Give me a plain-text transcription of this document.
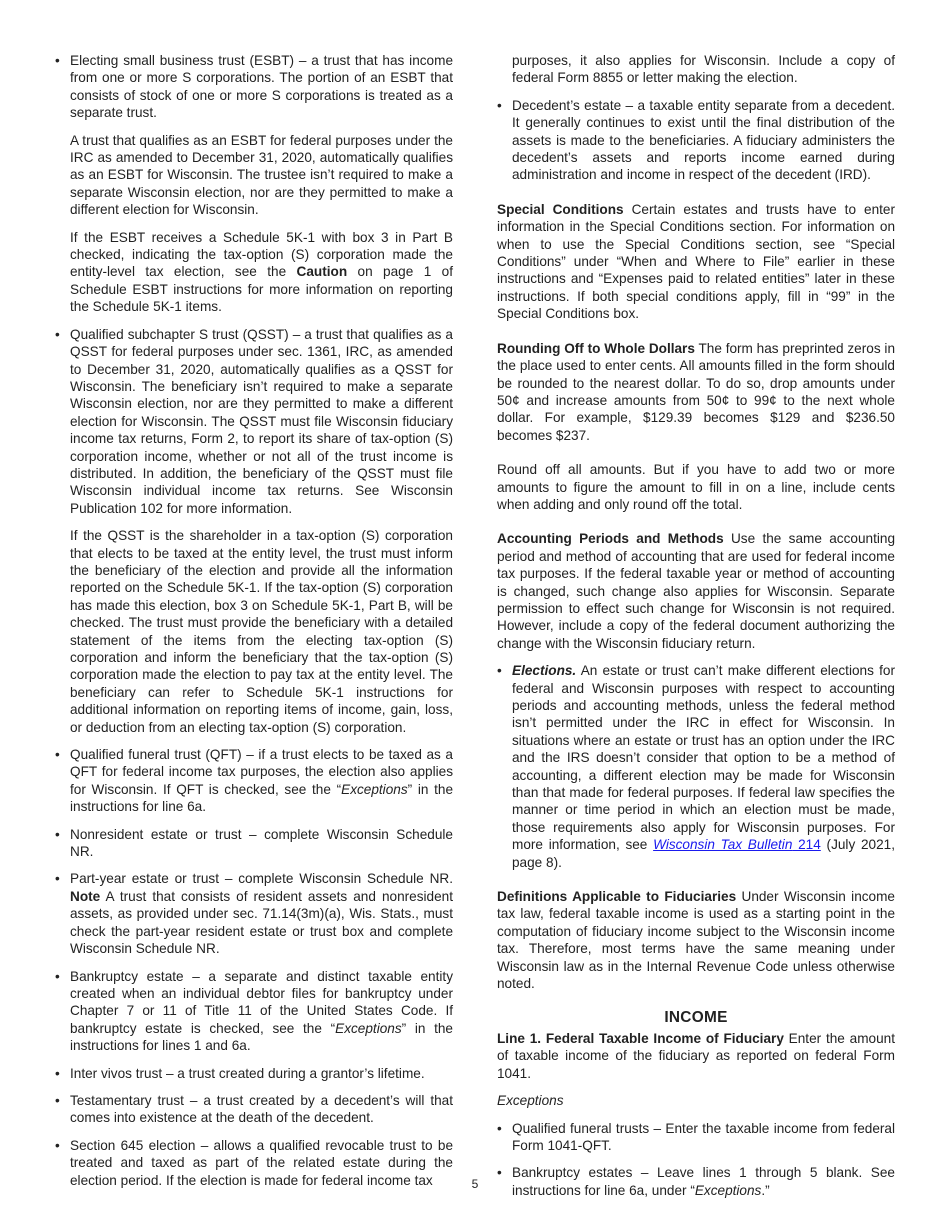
• Electing small business trust (ESBT) – a trust that has income from one or more S corporations. The portion of an ESBT that consists of stock of one or more S corporations is treated as a separate trust.

A trust that qualifies as an ESBT for federal purposes under the IRC as amended to December 31, 2020, automatically qualifies as an ESBT for Wisconsin. The trustee isn’t required to make a separate Wisconsin election, nor are they permitted to make a different election for Wisconsin.

If the ESBT receives a Schedule 5K-1 with box 3 in Part B checked, indicating the tax-option (S) corporation made the entity-level tax election, see the Caution on page 1 of Schedule ESBT instructions for more information on reporting the Schedule 5K-1 items.

• Qualified subchapter S trust (QSST) – a trust that qualifies as a QSST for federal purposes under sec. 1361, IRC, as amended to December 31, 2020, automatically qualifies as a QSST for Wisconsin. The beneficiary isn’t required to make a separate Wisconsin election, nor are they permitted to make a different election for Wisconsin. The QSST must file Wisconsin fiduciary income tax returns, Form 2, to report its share of tax-option (S) corporation income, whether or not all of the trust income is distributed. In addition, the beneficiary of the QSST must file Wisconsin individual income tax returns. See Wisconsin Publication 102 for more information.

If the QSST is the shareholder in a tax-option (S) corporation that elects to be taxed at the entity level, the trust must inform the beneficiary of the election and provide all the information reported on the Schedule 5K-1. If the tax-option (S) corporation has made this election, box 3 on Schedule 5K-1, Part B, will be checked. The trust must provide the beneficiary with a detailed statement of the items from the electing tax-option (S) corporation and inform the beneficiary that the tax-option (S) corporation made the election to pay tax at the entity level. The beneficiary can refer to Schedule 5K-1 instructions for additional information on reporting items of income, gain, loss, or deduction from an electing tax-option (S) corporation.

• Qualified funeral trust (QFT) – if a trust elects to be taxed as a QFT for federal income tax purposes, the election also applies for Wisconsin. If QFT is checked, see the “Exceptions” in the instructions for line 6a.

• Nonresident estate or trust – complete Wisconsin Schedule NR.

• Part-year estate or trust – complete Wisconsin Schedule NR. Note A trust that consists of resident assets and nonresident assets, as provided under sec. 71.14(3m)(a), Wis. Stats., must check the part-year resident estate or trust box and complete Wisconsin Schedule NR.

• Bankruptcy estate – a separate and distinct taxable entity created when an individual debtor files for bankruptcy under Chapter 7 or 11 of Title 11 of the United States Code. If bankruptcy estate is checked, see the “Exceptions” in the instructions for lines 1 and 6a.

• Inter vivos trust – a trust created during a grantor’s lifetime.

• Testamentary trust – a trust created by a decedent’s will that comes into existence at the death of the decedent.

• Section 645 election – allows a qualified revocable trust to be treated and taxed as part of the related estate during the election period. If the election is made for federal income tax

purposes, it also applies for Wisconsin. Include a copy of federal Form 8855 or letter making the election.

• Decedent’s estate – a taxable entity separate from a decedent. It generally continues to exist until the final distribution of the assets is made to the beneficiaries. A fiduciary administers the decedent’s assets and reports income earned during administration and income in respect of the decedent (IRD).

Special Conditions Certain estates and trusts have to enter information in the Special Conditions section. For information on when to use the Special Conditions section, see “Special Conditions” under “When and Where to File” earlier in these instructions and “Expenses paid to related entities” later in these instructions. If both special conditions apply, fill in “99” in the Special Conditions box.

Rounding Off to Whole Dollars The form has preprinted zeros in the place used to enter cents. All amounts filled in the form should be rounded to the nearest dollar. To do so, drop amounts under 50¢ and increase amounts from 50¢ to 99¢ to the next whole dollar. For example, $129.39 becomes $129 and $236.50 becomes $237.

Round off all amounts. But if you have to add two or more amounts to figure the amount to fill in on a line, include cents when adding and only round off the total.

Accounting Periods and Methods Use the same accounting period and method of accounting that are used for federal income tax purposes. If the federal taxable year or method of accounting is changed, such change also applies for Wisconsin. Separate permission to effect such change for Wisconsin is not required. However, include a copy of the federal document authorizing the change with the Wisconsin fiduciary return.

• Elections. An estate or trust can’t make different elections for federal and Wisconsin purposes with respect to accounting periods and accounting methods, unless the federal method isn’t permitted under the IRC in effect for Wisconsin. In situations where an estate or trust has an option under the IRC and the IRS doesn’t consider that option to be a method of accounting, a different election may be made for Wisconsin than that made for federal purposes. If federal law specifies the manner or time period in which an election must be made, those requirements also apply for Wisconsin purposes. For more information, see Wisconsin Tax Bulletin 214 (July 2021, page 8).

Definitions Applicable to Fiduciaries Under Wisconsin income tax law, federal taxable income is used as a starting point in the computation of fiduciary income subject to the Wisconsin income tax. Therefore, most terms have the same meaning under Wisconsin law as in the Internal Revenue Code unless otherwise noted.

INCOME

Line 1. Federal Taxable Income of Fiduciary Enter the amount of taxable income of the fiduciary as reported on federal Form 1041.

Exceptions

• Qualified funeral trusts – Enter the taxable income from federal Form 1041-QFT.

• Bankruptcy estates – Leave lines 1 through 5 blank. See instructions for line 6a, under “Exceptions.”

5
